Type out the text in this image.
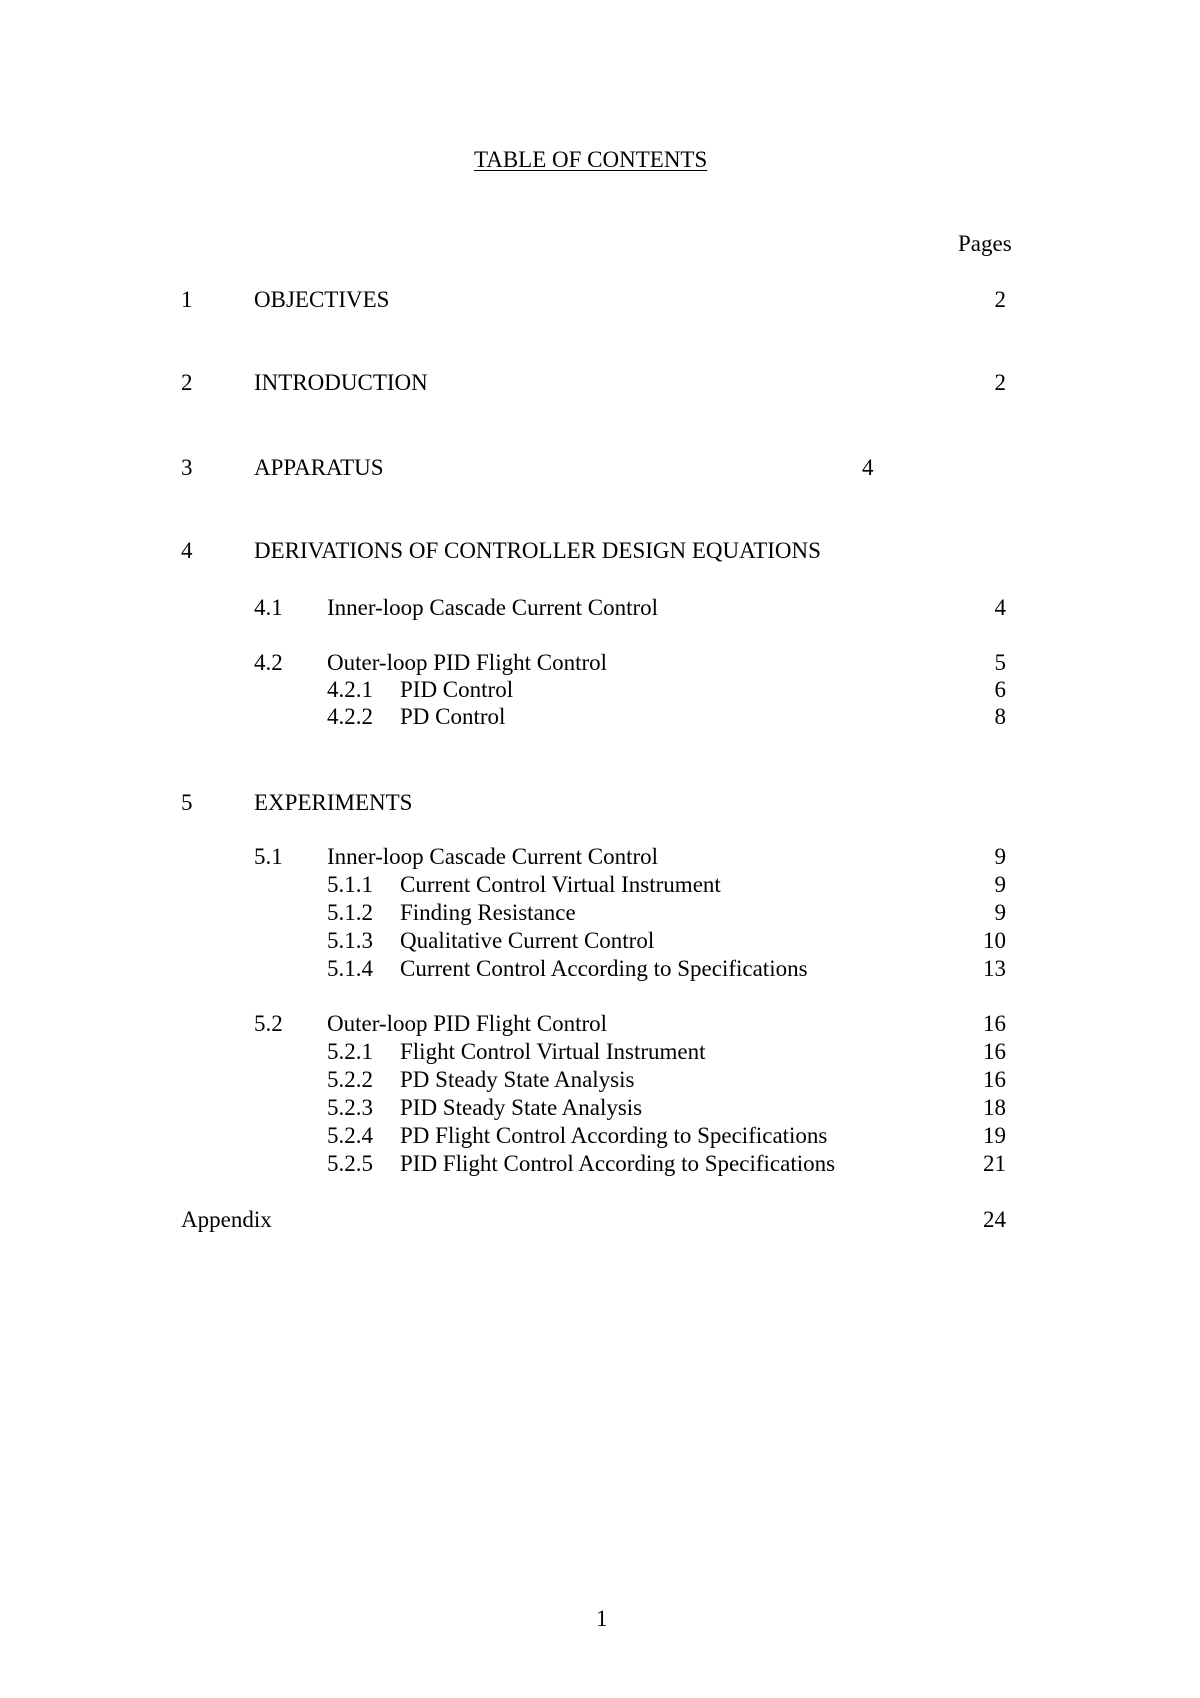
TABLE OF CONTENTS
Pages
1	OBJECTIVES	2
2	INTRODUCTION	2
3	APPARATUS	4
4	DERIVATIONS OF CONTROLLER DESIGN EQUATIONS
4.1 Inner-loop Cascade Current Control	4
4.2 Outer-loop PID Flight Control	5
4.2.1 PID Control	6
4.2.2 PD Control	8
5	EXPERIMENTS
5.1 Inner-loop Cascade Current Control	9
5.1.1 Current Control Virtual Instrument	9
5.1.2 Finding Resistance	9
5.1.3 Qualitative Current Control	10
5.1.4 Current Control According to Specifications	13
5.2 Outer-loop PID Flight Control	16
5.2.1 Flight Control Virtual Instrument	16
5.2.2 PD Steady State Analysis	16
5.2.3 PID Steady State Analysis	18
5.2.4 PD Flight Control According to Specifications	19
5.2.5 PID Flight Control According to Specifications	21
Appendix	24
1
